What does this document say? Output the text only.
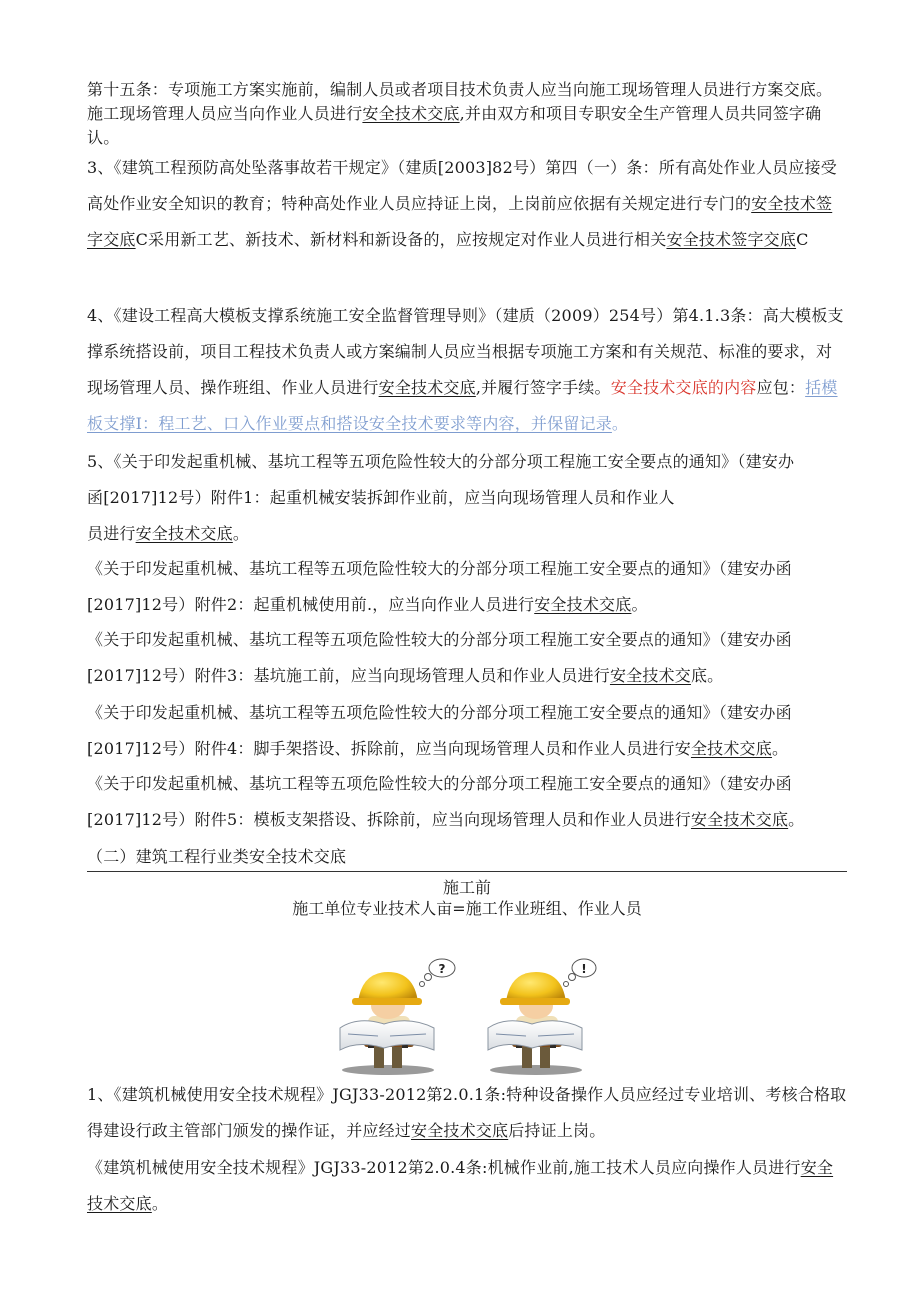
第十五条：专项施工方案实施前，编制人员或者项目技术负责人应当向施工现场管理人员进行方案交底。施工现场管理人员应当向作业人员进行安全技术交底,并由双方和项目专职安全生产管理人员共同签字确认。

3、《建筑工程预防高处坠落事故若干规定》（建质[2003]82号）第四（一）条：所有高处作业人员应接受高处作业安全知识的教育；特种高处作业人员应持证上岗，上岗前应依据有关规定进行专门的安全技术签字交底C采用新工艺、新技术、新材料和新设备的，应按规定对作业人员进行相关安全技术签字交底C

4、《建设工程高大模板支撑系统施工安全监督管理导则》（建质（2009）254号）第4.1.3条：高大模板支撑系统搭设前，项目工程技术负责人或方案编制人员应当根据专项施工方案和有关规范、标准的要求，对现场管理人员、操作班组、作业人员进行安全技术交底,并履行签字手续。安全技术交底的内容应包：括模板支撑I：程工艺、口入作业要点和搭设安全技术要求等内容，并保留记录。

5、《关于印发起重机械、基坑工程等五项危险性较大的分部分项工程施工安全要点的通知》（建安办
函[2017]12号）附件1：起重机械安装拆卸作业前，应当向现场管理人员和作业人
员进行安全技术交底。

《关于印发起重机械、基坑工程等五项危险性较大的分部分项工程施工安全要点的通知》（建安办函[2017]12号）附件2：起重机械使用前.，应当向作业人员进行安全技术交底。

《关于印发起重机械、基坑工程等五项危险性较大的分部分项工程施工安全要点的通知》（建安办函[2017]12号）附件3：基坑施工前，应当向现场管理人员和作业人员进行安全技术交底。

《关于印发起重机械、基坑工程等五项危险性较大的分部分项工程施工安全要点的通知》（建安办函[2017]12号）附件4：脚手架搭设、拆除前，应当向现场管理人员和作业人员进行安全技术交底。

《关于印发起重机械、基坑工程等五项危险性较大的分部分项工程施工安全要点的通知》（建安办函[2017]12号）附件5：模板支架搭设、拆除前，应当向现场管理人员和作业人员进行安全技术交底。

（二）建筑工程行业类安全技术交底

施工前

施工单位专业技术人亩=施工作业班组、作业人员

?	!

1、《建筑机械使用安全技术规程》JGJ33-2012第2.0.1条:特种设备操作人员应经过专业培训、考核合格取得建设行政主管部门颁发的操作证，并应经过安全技术交底后持证上岗。

《建筑机械使用安全技术规程》JGJ33-2012第2.0.4条:机械作业前,施工技术人员应向操作人员进行安全技术交底。
